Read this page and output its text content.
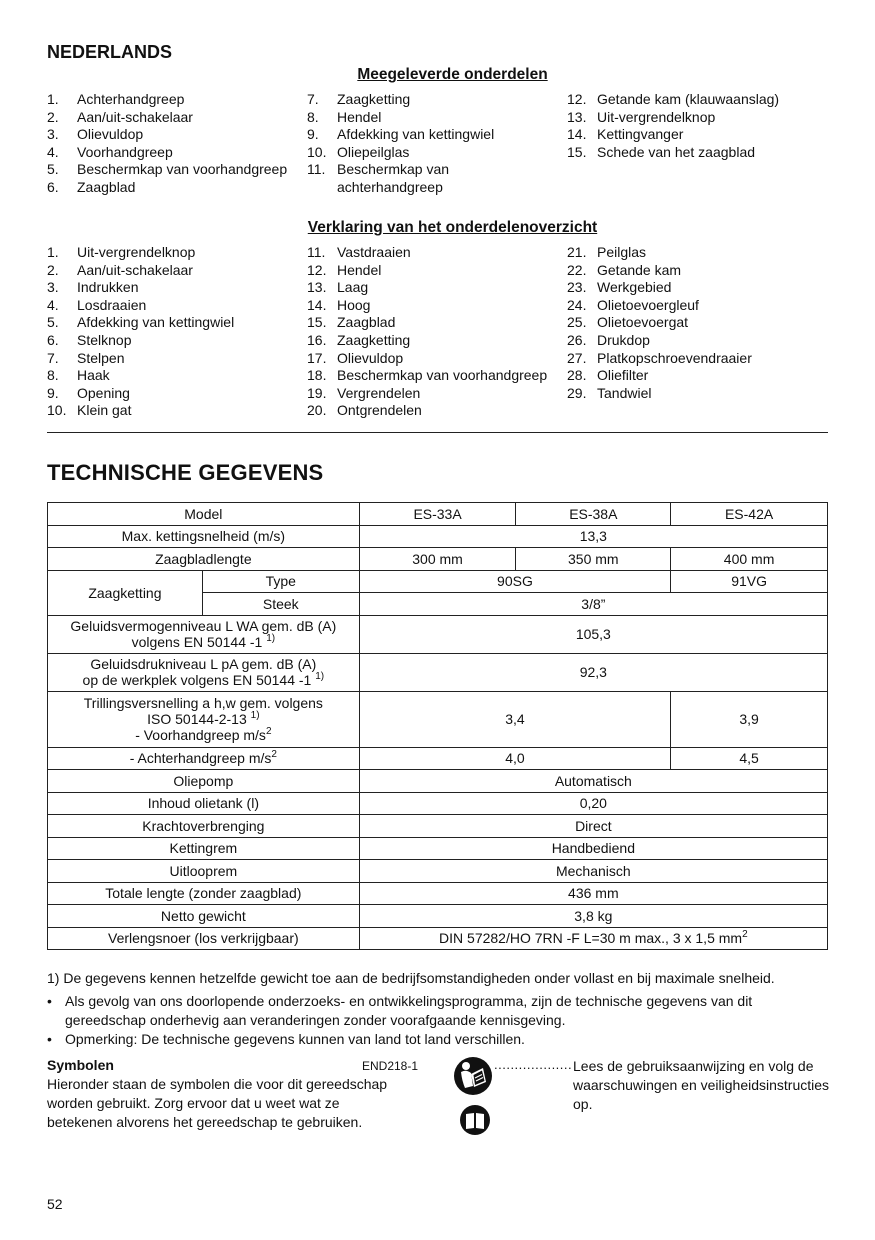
NEDERLANDS
Meegeleverde onderdelen
1.	Achterhandgreep
2.	Aan/uit-schakelaar
3.	Olievuldop
4.	Voorhandgreep
5.	Beschermkap van voorhandgreep
6.	Zaagblad
7.	Zaagketting
8.	Hendel
9.	Afdekking van kettingwiel
10. Oliepeilglas
11. Beschermkap van achterhandgreep
12. Getande kam (klauwaanslag)
13. Uit-vergrendelknop
14. Kettingvanger
15. Schede van het zaagblad
Verklaring van het onderdelenoverzicht
1.	Uit-vergrendelknop
2.	Aan/uit-schakelaar
3.	Indrukken
4.	Losdraaien
5.	Afdekking van kettingwiel
6.	Stelknop
7.	Stelpen
8.	Haak
9.	Opening
10. Klein gat
11. Vastdraaien
12. Hendel
13. Laag
14. Hoog
15. Zaagblad
16. Zaagketting
17. Olievuldop
18. Beschermkap van voorhandgreep
19. Vergrendelen
20. Ontgrendelen
21. Peilglas
22. Getande kam
23. Werkgebied
24. Olietoevoergleuf
25. Olietoevoergat
26. Drukdop
27. Platkopschroevendraaier
28. Oliefilter
29. Tandwiel
TECHNISCHE GEGEVENS
Model		ES-33A	ES-38A	ES-42A
Max. kettingsnelheid (m/s)		13,3		
Zaagbladlengte		300 mm	350 mm	400 mm
Zaagketting	Type	90SG		91VG
	Steek	3/8”		
Geluidsvermogenniveau L WA gem. dB (A)
volgens EN 50144 -1 $^{1)}$		105,3		
Geluidsdrukniveau L pA gem. dB (A)
op de werkplek volgens EN 50144 -1 $^{1)}$		92,3		
Trillingsversnelling a h,w gem. volgens
ISO 50144-2-13 $^{1)}$
- Voorhandgreep $m/s^2$		3,4		3,9
- Achterhandgreep $m/s^2$		4,0		4,5
Oliepomp		Automatisch		
Inhoud olietank (l)		0,20		
Krachtoverbrenging		Direct		
Kettingrem		Handbediend		
Uitlooprem		Mechanisch		
Totale lengte (zonder zaagblad)		436 mm		
Netto gewicht		3,8 kg		
Verlengsnoer (los verkrijgbaar)		DIN 57282/HO 7RN -F L=30 m max., 3 x 1,5 $mm^2$
1) De gegevens kennen hetzelfde gewicht toe aan de bedrijfsomstandigheden onder vollast en bij maximale snelheid.
• Als gevolg van ons doorlopende onderzoeks- en ontwikkelingsprogramma, zijn de technische gegevens van dit gereedschap onderhevig aan veranderingen zonder voorafgaande kennisgeving.
• Opmerking: De technische gegevens kunnen van land tot land verschillen.
Symbolen	END218-1
Hieronder staan de symbolen die voor dit gereedschap worden gebruikt. Zorg ervoor dat u weet wat ze betekenen alvorens het gereedschap te gebruiken.
................... Lees de gebruiksaanwijzing en volg de waarschuwingen en veiligheidsinstructies op.
52
